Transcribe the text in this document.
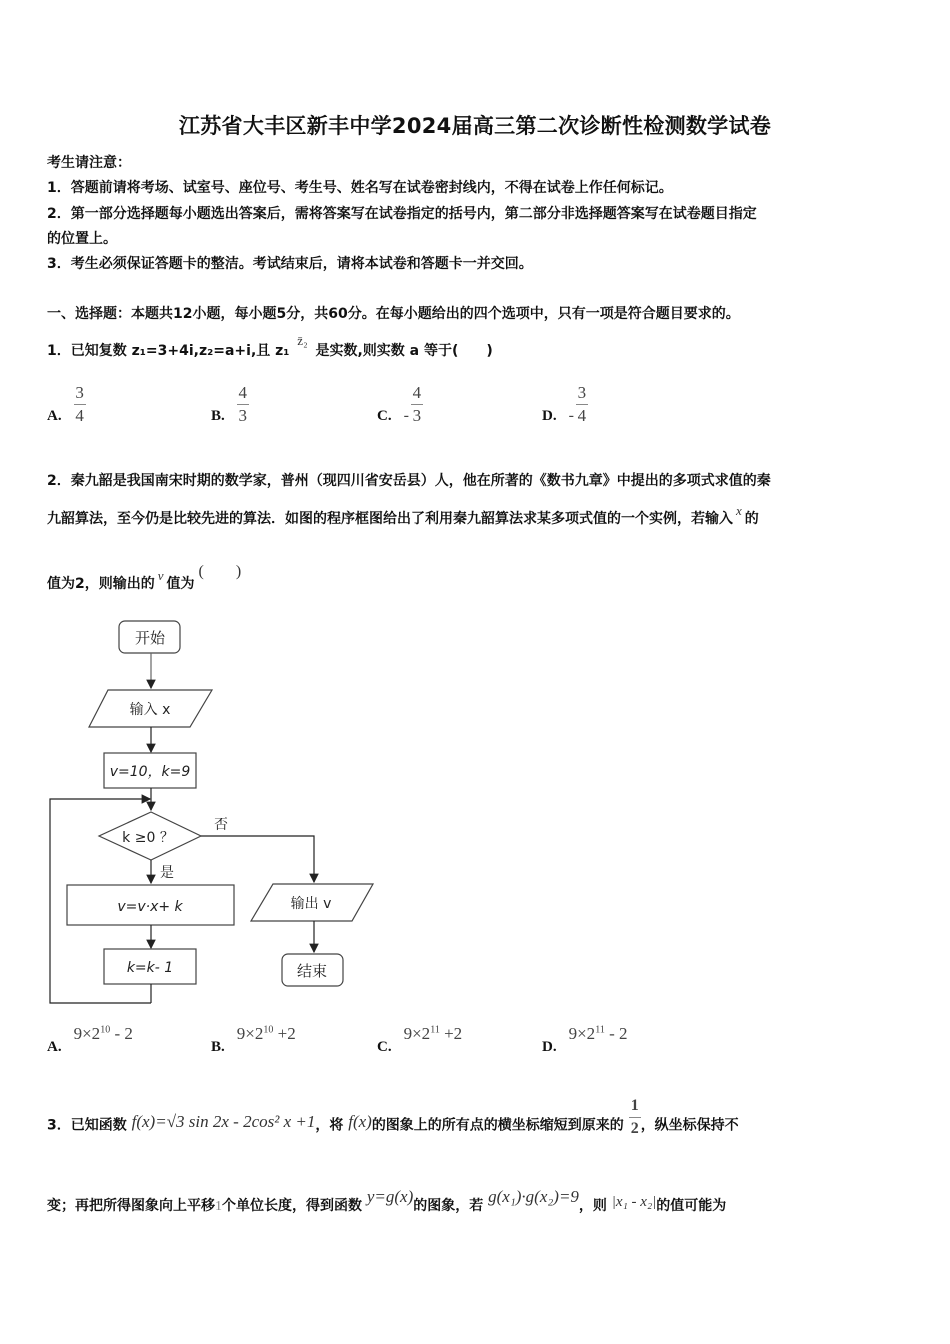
江苏省大丰区新丰中学2024届高三第二次诊断性检测数学试卷
考生请注意：
1．答题前请将考场、试室号、座位号、考生号、姓名写在试卷密封线内，不得在试卷上作任何标记。
2．第一部分选择题每小题选出答案后，需将答案写在试卷指定的括号内，第二部分非选择题答案写在试卷题目指定
的位置上。
3．考生必须保证答题卡的整洁。考试结束后，请将本试卷和答题卡一并交回。
一、选择题：本题共12小题，每小题5分，共60分。在每小题给出的四个选项中，只有一项是符合题目要求的。
1．已知复数 z₁=3+4i,z₂=a+i,且 z₁ z̄₂ 是实数,则实数 a 等于(　　)
A. $\frac{3}{4}$	B. $\frac{4}{3}$	C. - $\frac{4}{3}$	D. - $\frac{3}{4}$
2．秦九韶是我国南宋时期的数学家，普州（现四川省安岳县）人，他在所著的《数书九章》中提出的多项式求值的秦
九韶算法，至今仍是比较先进的算法．如图的程序框图给出了利用秦九韶算法求某多项式值的一个实例，若输入x的
值为2，则输出的v值为(　　)
开始
输入 x
v=10，k=9
k ≥0 ？
是
否
v=v·x+ k
k=k- 1
输出 v
结束
A.
$9\times 2^{10} - 2$
B.
$9\times 2^{10} +2$
C.
$9\times 2^{11} +2$
D.
$9\times 2^{11} - 2$
3．已知函数 f(x)=√3 sin 2x - 2cos² x +1，将 f(x)的图象上的所有点的横坐标缩短到原来的 $\frac{1}{2}$ ，纵坐标保持不
变；再把所得图象向上平移1个单位长度，得到函数 y=g(x)的图象，若 g(x₁)·g(x₂)=9，则 |x₁ - x₂|的值可能为
